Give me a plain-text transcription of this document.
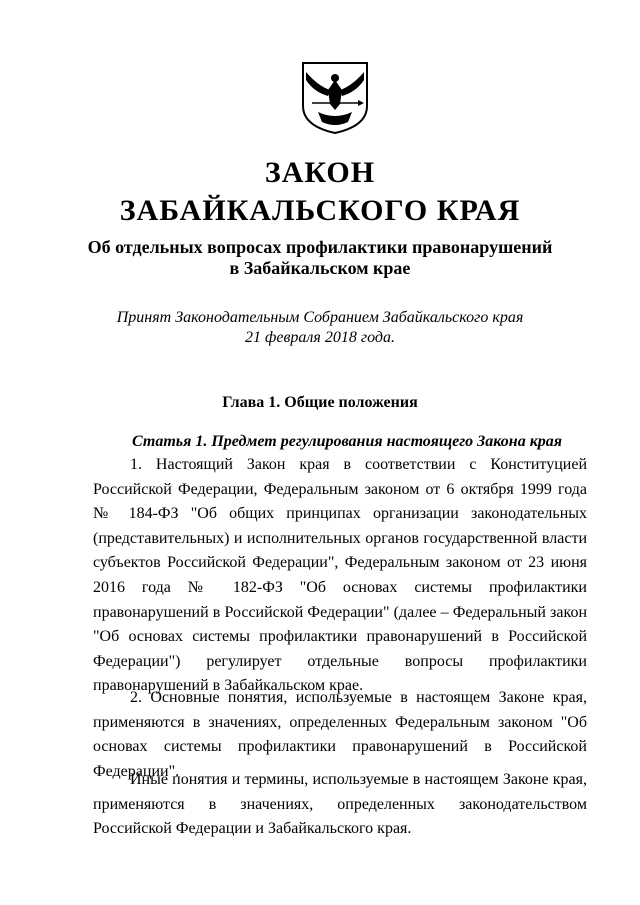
ЗАКОН
ЗАБАЙКАЛЬСКОГО КРАЯ
Об отдельных вопросах профилактики правонарушений
в Забайкальском крае
Принят Законодательным Собранием Забайкальского края
21 февраля 2018 года.
Глава 1. Общие положения
Статья 1. Предмет регулирования настоящего Закона края

1. Настоящий Закон края в соответствии с Конституцией Российской Федерации, Федеральным законом от 6 октября 1999 года № 184-ФЗ "Об общих принципах организации законодательных (представительных) и исполнительных органов государственной власти субъектов Российской Федерации", Федеральным законом от 23 июня 2016 года № 182-ФЗ "Об основах системы профилактики правонарушений в Российской Федерации" (далее – Федеральный закон "Об основах системы профилактики правонарушений в Российской Федерации") регулирует отдельные вопросы профилактики правонарушений в Забайкальском крае.

2. Основные понятия, используемые в настоящем Законе края, применяются в значениях, определенных Федеральным законом "Об основах системы профилактики правонарушений в Российской Федерации".

Иные понятия и термины, используемые в настоящем Законе края, применяются в значениях, определенных законодательством Российской Федерации и Забайкальского края.
